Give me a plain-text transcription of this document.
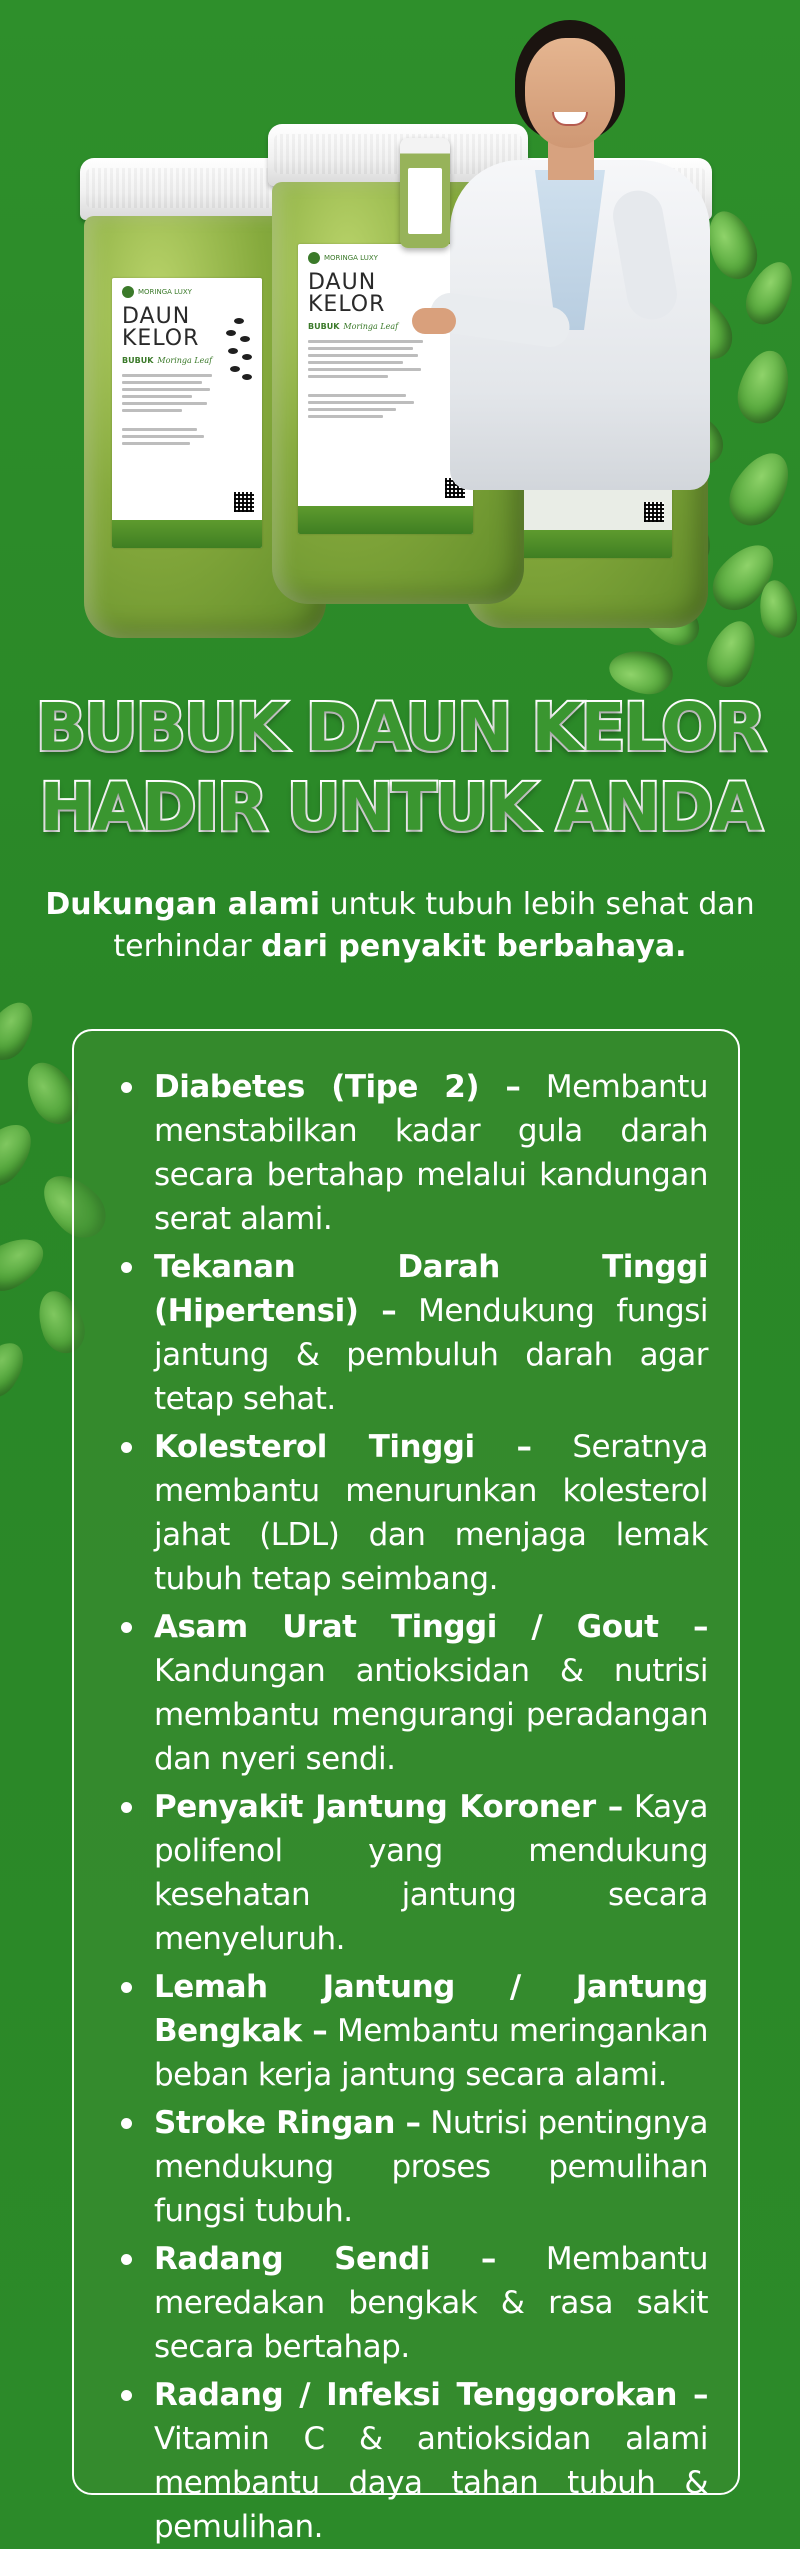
MORINGA LUXY
DAUN
KELOR
BUBUK Moringa Leaf
MORINGA LUXY
DAUN
KELOR
BUBUK Moringa Leaf
BUBUK DAUN KELOR
HADIR UNTUK ANDA

Dukungan alami untuk tubuh lebih sehat dan terhindar dari penyakit berbahaya.

Diabetes (Tipe 2) – Membantu menstabilkan kadar gula darah secara bertahap melalui kandungan serat alami.
Tekanan Darah Tinggi (Hipertensi) – Mendukung fungsi jantung & pembuluh darah agar tetap sehat.
Kolesterol Tinggi – Seratnya membantu menurunkan kolesterol jahat (LDL) dan menjaga lemak tubuh tetap seimbang.
Asam Urat Tinggi / Gout – Kandungan antioksidan & nutrisi membantu mengurangi peradangan dan nyeri sendi.
Penyakit Jantung Koroner – Kaya polifenol yang mendukung kesehatan jantung secara menyeluruh.
Lemah Jantung / Jantung Bengkak – Membantu meringankan beban kerja jantung secara alami.
Stroke Ringan – Nutrisi pentingnya mendukung proses pemulihan fungsi tubuh.
Radang Sendi – Membantu meredakan bengkak & rasa sakit secara bertahap.
Radang / Infeksi Tenggorokan – Vitamin C & antioksidan alami membantu daya tahan tubuh & pemulihan.
